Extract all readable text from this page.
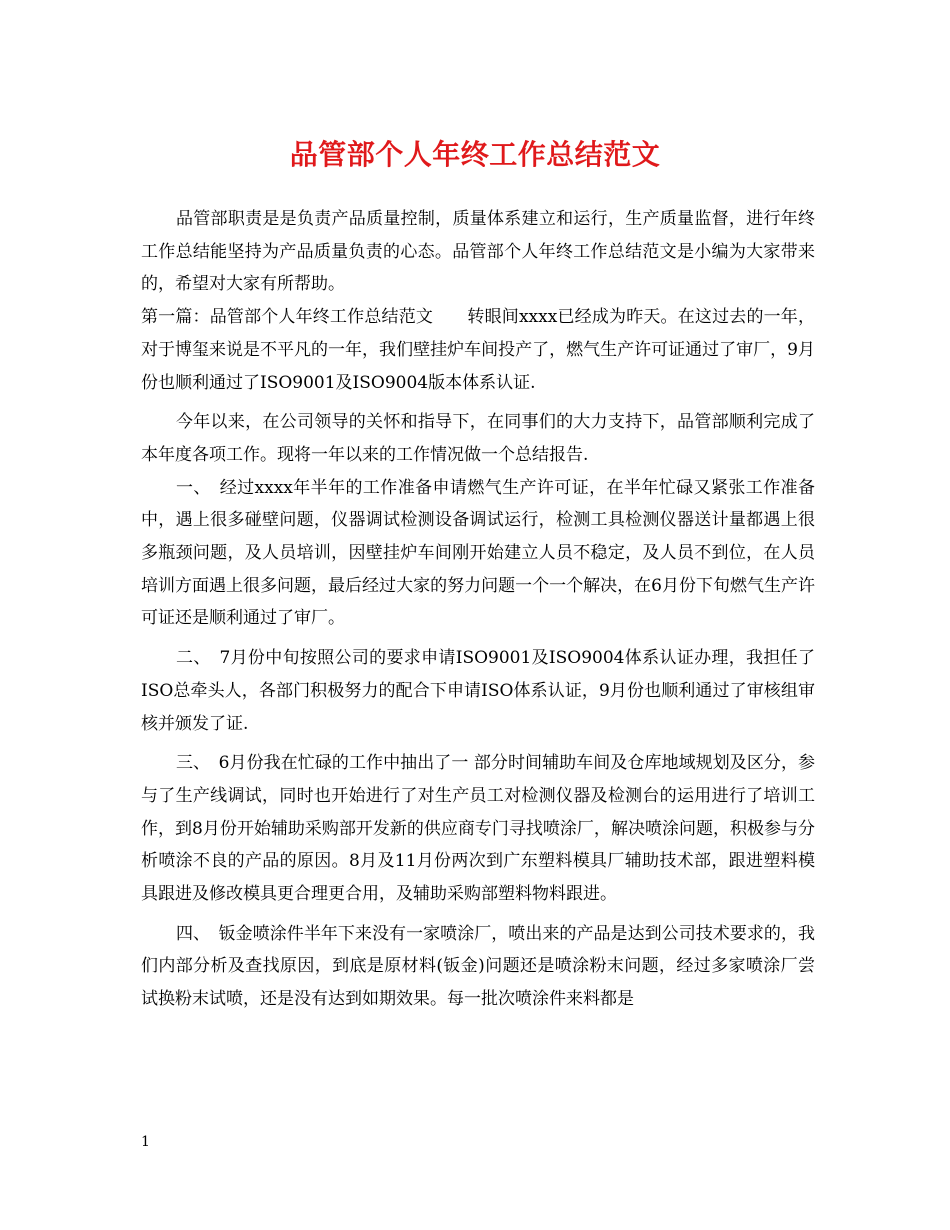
品管部个人年终工作总结范文

品管部职责是是负责产品质量控制，质量体系建立和运行，生产质量监督，进行年终工作总结能坚持为产品质量负责的心态。品管部个人年终工作总结范文是小编为大家带来的，希望对大家有所帮助。

第一篇：品管部个人年终工作总结范文　　转眼间xxxx已经成为昨天。在这过去的一年，对于博玺来说是不平凡的一年，我们壁挂炉车间投产了，燃气生产许可证通过了审厂，9月份也顺利通过了ISO9001及ISO9004版本体系认证.

今年以来，在公司领导的关怀和指导下，在同事们的大力支持下，品管部顺利完成了本年度各项工作。现将一年以来的工作情况做一个总结报告.

一、　经过xxxx年半年的工作准备申请燃气生产许可证，在半年忙碌又紧张工作准备中，遇上很多碰壁问题，仪器调试检测设备调试运行，检测工具检测仪器送计量都遇上很多瓶颈问题，及人员培训，因壁挂炉车间刚开始建立人员不稳定，及人员不到位，在人员培训方面遇上很多问题，最后经过大家的努力问题一个一个解决，在6月份下旬燃气生产许可证还是顺利通过了审厂。

二、　7月份中旬按照公司的要求申请ISO9001及ISO9004体系认证办理，我担任了ISO总牵头人，各部门积极努力的配合下申请ISO体系认证，9月份也顺利通过了审核组审核并颁发了证.

三、　6月份我在忙碌的工作中抽出了一 部分时间辅助车间及仓库地域规划及区分，参与了生产线调试，同时也开始进行了对生产员工对检测仪器及检测台的运用进行了培训工作，到8月份开始辅助采购部开发新的供应商专门寻找喷涂厂，解决喷涂问题，积极参与分析喷涂不良的产品的原因。8月及11月份两次到广东塑料模具厂辅助技术部，跟进塑料模具跟进及修改模具更合理更合用，及辅助采购部塑料物料跟进。

四、　钣金喷涂件半年下来没有一家喷涂厂，喷出来的产品是达到公司技术要求的，我们内部分析及查找原因，到底是原材料(钣金)问题还是喷涂粉末问题，经过多家喷涂厂尝试换粉末试喷，还是没有达到如期效果。每一批次喷涂件来料都是

1
